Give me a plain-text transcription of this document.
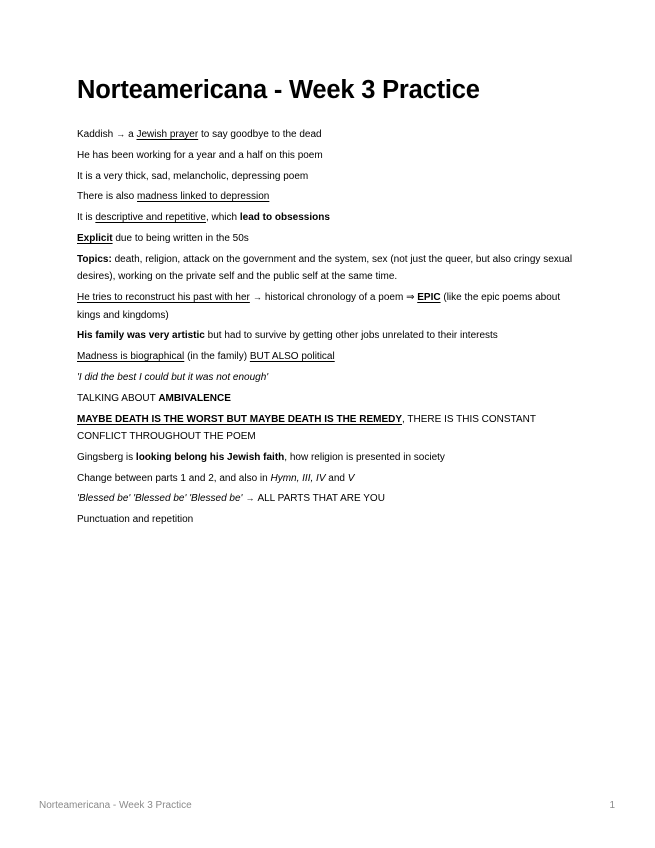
Norteamericana - Week 3 Practice

Kaddish → a Jewish prayer to say goodbye to the dead

He has been working for a year and a half on this poem

It is a very thick, sad, melancholic, depressing poem

There is also madness linked to depression

It is descriptive and repetitive, which lead to obsessions

Explicit due to being written in the 50s

Topics: death, religion, attack on the government and the system, sex (not just the queer, but also cringy sexual desires), working on the private self and the public self at the same time.

He tries to reconstruct his past with her → historical chronology of a poem ⇒ EPIC (like the epic poems about kings and kingdoms)

His family was very artistic but had to survive by getting other jobs unrelated to their interests

Madness is biographical (in the family) BUT ALSO political

'I did the best I could but it was not enough'

TALKING ABOUT AMBIVALENCE

MAYBE DEATH IS THE WORST BUT MAYBE DEATH IS THE REMEDY, THERE IS THIS CONSTANT CONFLICT THROUGHOUT THE POEM

Gingsberg is looking belong his Jewish faith, how religion is presented in society

Change between parts 1 and 2, and also in Hymn, III, IV and V

'Blessed be' 'Blessed be' 'Blessed be' → ALL PARTS THAT ARE YOU

Punctuation and repetition

Norteamericana - Week 3 Practice	1
